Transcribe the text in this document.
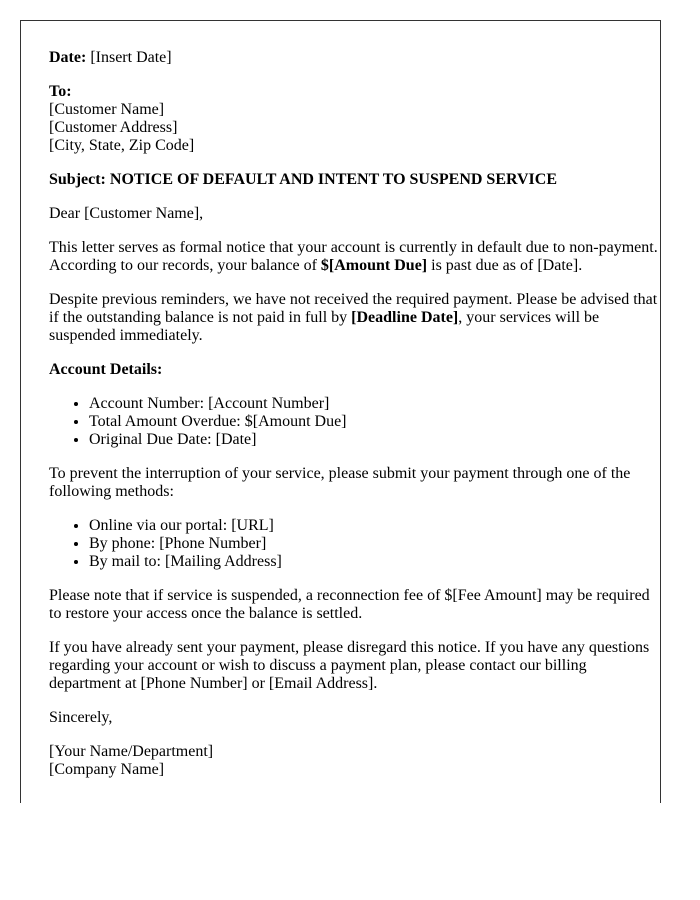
Date: [Insert Date]

To:
[Customer Name]
[Customer Address]
[City, State, Zip Code]

Subject: NOTICE OF DEFAULT AND INTENT TO SUSPEND SERVICE

Dear [Customer Name],

This letter serves as formal notice that your account is currently in default due to non-payment. According to our records, your balance of $[Amount Due] is past due as of [Date].

Despite previous reminders, we have not received the required payment. Please be advised that if the outstanding balance is not paid in full by [Deadline Date], your services will be suspended immediately.

Account Details:

• Account Number: [Account Number]
• Total Amount Overdue: $[Amount Due]
• Original Due Date: [Date]

To prevent the interruption of your service, please submit your payment through one of the following methods:

• Online via our portal: [URL]
• By phone: [Phone Number]
• By mail to: [Mailing Address]

Please note that if service is suspended, a reconnection fee of $[Fee Amount] may be required to restore your access once the balance is settled.

If you have already sent your payment, please disregard this notice. If you have any questions regarding your account or wish to discuss a payment plan, please contact our billing department at [Phone Number] or [Email Address].

Sincerely,

[Your Name/Department]
[Company Name]
